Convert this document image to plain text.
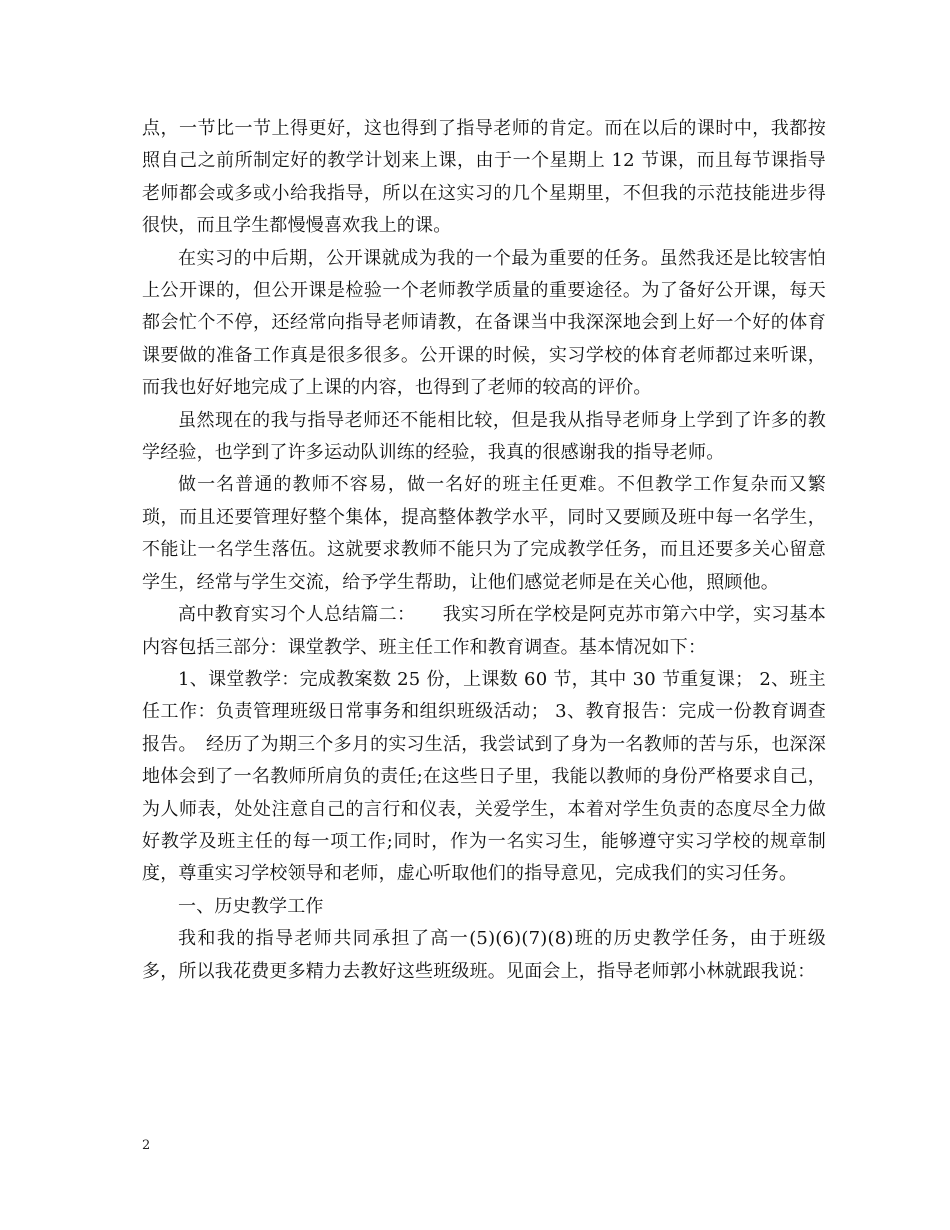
点，一节比一节上得更好，这也得到了指导老师的肯定。而在以后的课时中，我都按照自己之前所制定好的教学计划来上课，由于一个星期上 12 节课，而且每节课指导老师都会或多或小给我指导，所以在这实习的几个星期里，不但我的示范技能进步得很快，而且学生都慢慢喜欢我上的课。

在实习的中后期，公开课就成为我的一个最为重要的任务。虽然我还是比较害怕上公开课的，但公开课是检验一个老师教学质量的重要途径。为了备好公开课，每天都会忙个不停，还经常向指导老师请教，在备课当中我深深地会到上好一个好的体育课要做的准备工作真是很多很多。公开课的时候，实习学校的体育老师都过来听课，而我也好好地完成了上课的内容，也得到了老师的较高的评价。

虽然现在的我与指导老师还不能相比较，但是我从指导老师身上学到了许多的教学经验，也学到了许多运动队训练的经验，我真的很感谢我的指导老师。

做一名普通的教师不容易，做一名好的班主任更难。不但教学工作复杂而又繁琐，而且还要管理好整个集体，提高整体教学水平，同时又要顾及班中每一名学生，不能让一名学生落伍。这就要求教师不能只为了完成教学任务，而且还要多关心留意学生，经常与学生交流，给予学生帮助，让他们感觉老师是在关心他，照顾他。

高中教育实习个人总结篇二：　　我实习所在学校是阿克苏市第六中学，实习基本内容包括三部分：课堂教学、班主任工作和教育调查。基本情况如下：

1、课堂教学：完成教案数 25 份，上课数 60 节，其中 30 节重复课； 2、班主任工作：负责管理班级日常事务和组织班级活动； 3、教育报告：完成一份教育调查报告。　经历了为期三个多月的实习生活，我尝试到了身为一名教师的苦与乐，也深深地体会到了一名教师所肩负的责任;在这些日子里，我能以教师的身份严格要求自己，为人师表，处处注意自己的言行和仪表，关爱学生，本着对学生负责的态度尽全力做好教学及班主任的每一项工作;同时，作为一名实习生，能够遵守实习学校的规章制度，尊重实习学校领导和老师，虚心听取他们的指导意见，完成我们的实习任务。

一、历史教学工作

我和我的指导老师共同承担了高一(5)(6)(7)(8)班的历史教学任务，由于班级多，所以我花费更多精力去教好这些班级班。见面会上，指导老师郭小林就跟我说：

2
